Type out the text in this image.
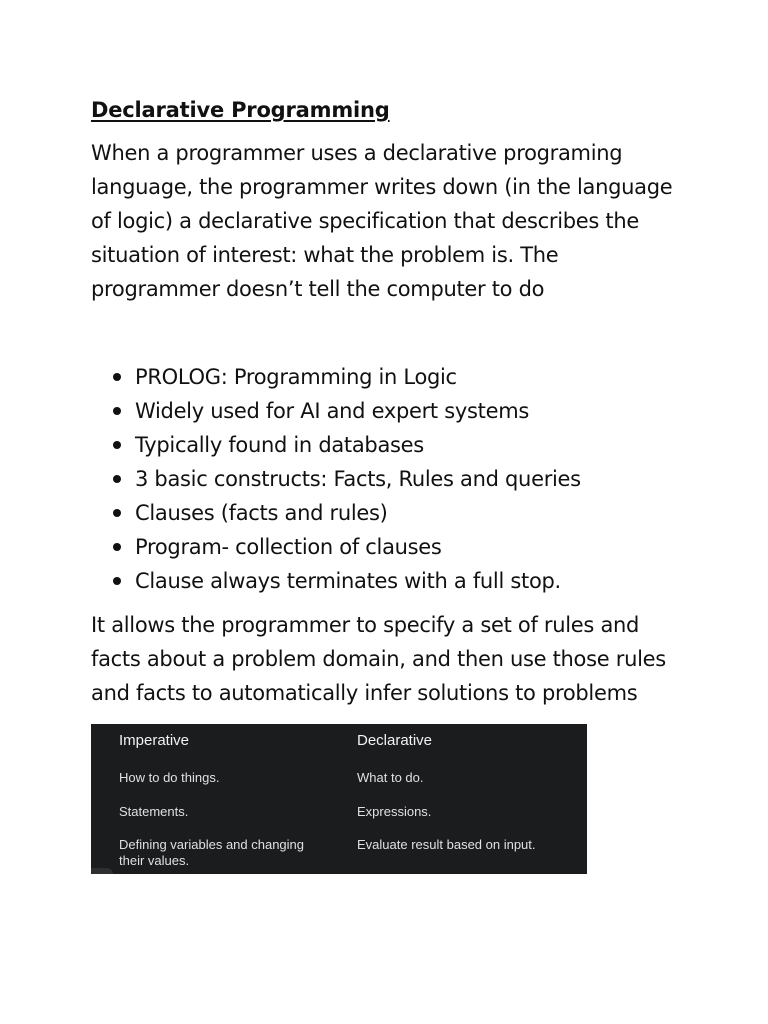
Declarative Programming

When a programmer uses a declarative programing language, the programmer writes down (in the language of logic) a declarative specification that describes the situation of interest: what the problem is. The programmer doesn’t tell the computer to do

PROLOG: Programming in Logic
Widely used for AI and expert systems
Typically found in databases
3 basic constructs: Facts, Rules and queries
Clauses (facts and rules)
Program- collection of clauses
Clause always terminates with a full stop.

It allows the programmer to specify a set of rules and facts about a problem domain, and then use those rules and facts to automatically infer solutions to problems

Imperative
How to do things.
Statements.
Defining variables and changing their values.
Declarative
What to do.
Expressions.
Evaluate result based on input.
